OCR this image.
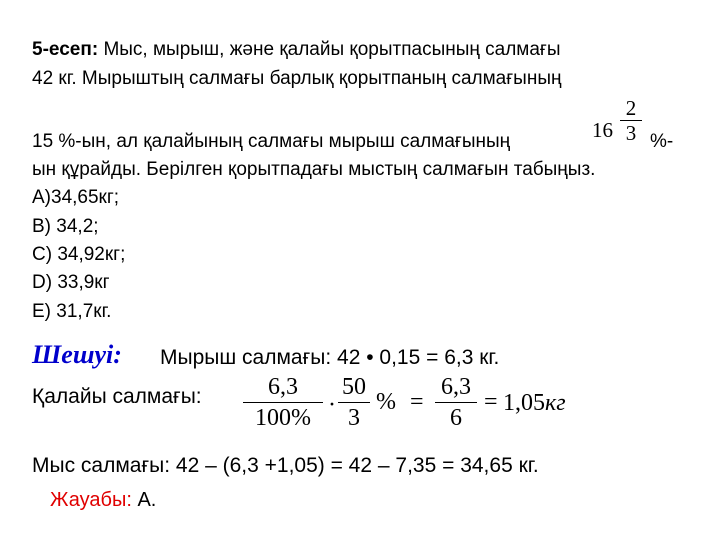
5-есеп: Мыс, мырыш, және қалайы қорытпасының салмағы
42 кг. Мырыштың салмағы барлық қорытпаның салмағының
15 %-ын, ал қалайының салмағы мырыш салмағының	16
2
3 %-
ын құрайды. Берілген қорытпадағы мыстың салмағын табыңыз.
А)34,65кг;
В) 34,2;
С) 34,92кг;
D) 33,9кг
Е) 31,7кг.
Шешуі: Мырыш салмағы: 42 • 0,15 = 6,3 кг.
Қалайы салмағы:	6,3
100% ·
50
3
% =
6,3
6
= 1,05кг
Мыс салмағы: 42 – (6,3 +1,05) = 42 – 7,35 = 34,65 кг.
Жауабы: А.
